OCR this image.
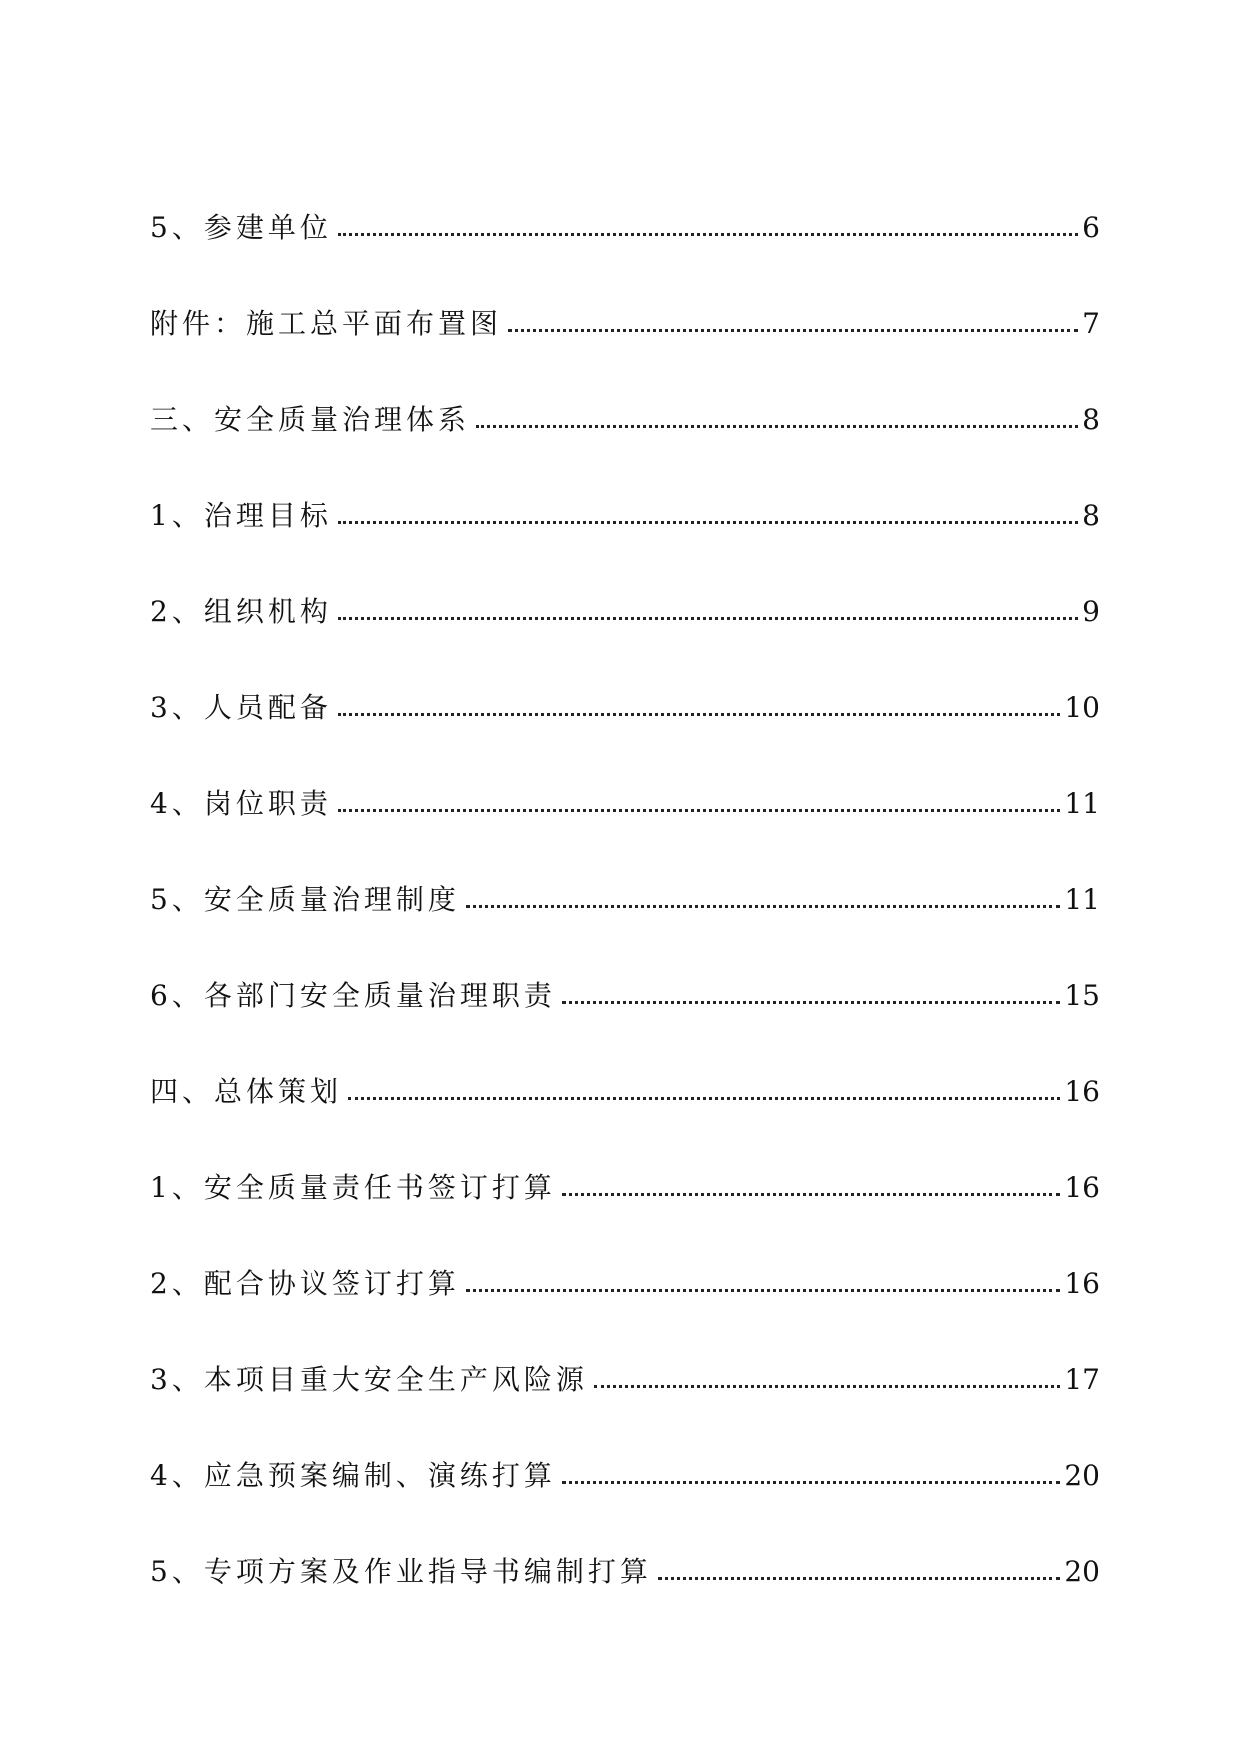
5、参建单位	6
附件：施工总平面布置图	7
三、安全质量治理体系	8
1、治理目标	8
2、组织机构	9
3、人员配备	10
4、岗位职责	11
5、安全质量治理制度	11
6、各部门安全质量治理职责	15
四、总体策划	16
1、安全质量责任书签订打算	16
2、配合协议签订打算	16
3、本项目重大安全生产风险源	17
4、应急预案编制、演练打算	20
5、专项方案及作业指导书编制打算	20
